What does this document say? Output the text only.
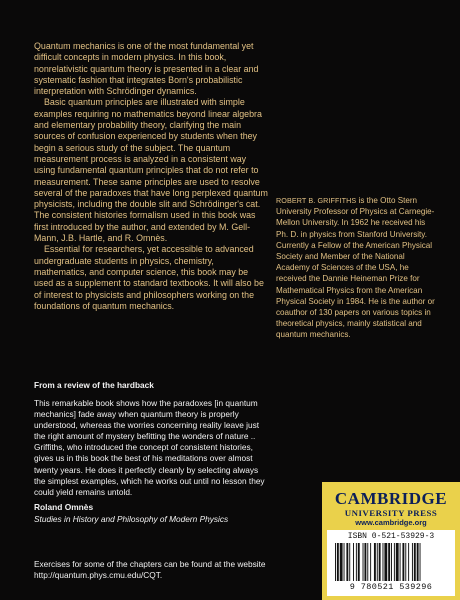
Quantum mechanics is one of the most fundamental yet difficult concepts in modern physics. In this book, nonrelativistic quantum theory is presented in a clear and systematic fashion that integrates Born's probabilistic interpretation with Schrödinger dynamics.

Basic quantum principles are illustrated with simple examples requiring no mathematics beyond linear algebra and elementary probability theory, clarifying the main sources of confusion experienced by students when they begin a serious study of the subject. The quantum measurement process is analyzed in a consistent way using fundamental quantum principles that do not refer to measurement. These same principles are used to resolve several of the paradoxes that have long perplexed quantum physicists, including the double slit and Schrödinger's cat. The consistent histories formalism used in this book was first introduced by the author, and extended by M. Gell-Mann, J.B. Hartle, and R. Omnès.

Essential for researchers, yet accessible to advanced undergraduate students in physics, chemistry, mathematics, and computer science, this book may be used as a supplement to standard textbooks. It will also be of interest to physicists and philosophers working on the foundations of quantum mechanics.

ROBERT B. GRIFFITHS is the Otto Stern University Professor of Physics at Carnegie-Mellon University. In 1962 he received his Ph. D. in physics from Stanford University. Currently a Fellow of the American Physical Society and Member of the National Academy of Sciences of the USA, he received the Dannie Heineman Prize for Mathematical Physics from the American Physical Society in 1984. He is the author or coauthor of 130 papers on various topics in theoretical physics, mainly statistical and quantum mechanics.

From a review of the hardback

This remarkable book shows how the paradoxes [in quantum mechanics] fade away when quantum theory is properly understood, whereas the worries concerning reality leave just the right amount of mystery befitting the wonders of nature .. Griffiths, who introduced the concept of consistent histories, gives us in this book the best of his meditations over almost twenty years. He does it perfectly cleanly by selecting always the simplest examples, which he works out until no lesson they could yield remains untold.

Roland Omnès
Studies in History and Philosophy of Modern Physics
Exercises for some of the chapters can be found at the website
http://quantum.phys.cmu.edu/CQT.
CAMBRIDGE
UNIVERSITY PRESS
www.cambridge.org
ISBN 0-521-53929-3
9 780521 539296
